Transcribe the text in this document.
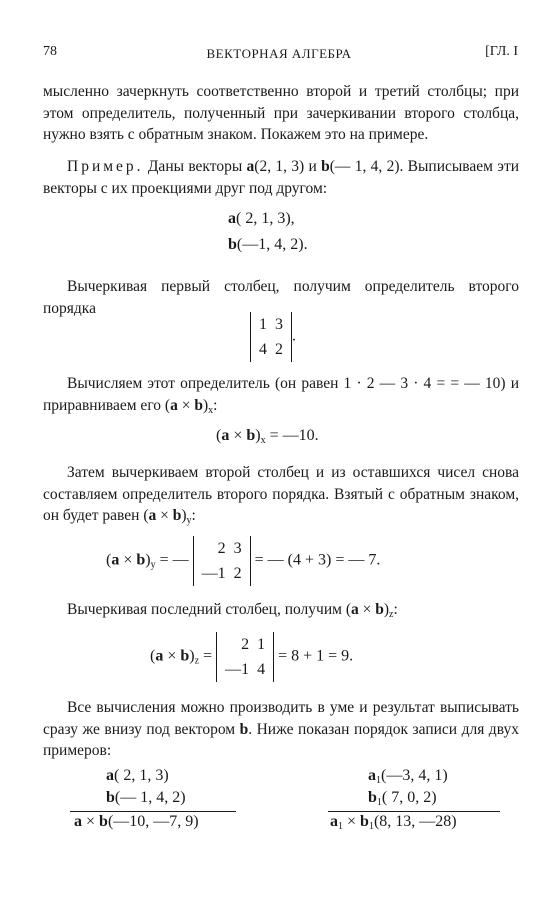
78	ВЕКТОРНАЯ АЛГЕБРА	[ГЛ. I

мысленно зачеркнуть соответственно второй и третий столбцы; при этом определитель, полученный при зачеркивании второго столбца, нужно взять с обратным знаком. Покажем это на примере.

Пример. Даны векторы a(2, 1, 3) и b(— 1, 4, 2). Выписываем эти векторы с их проекциями друг под другом:

a( 2, 1, 3),
b(—1, 4, 2).

Вычеркивая первый столбец, получим определитель второго порядка

1	3
4	2
.

Вычисляем этот определитель (он равен 1 · 2 — 3 · 4 = = — 10) и приравниваем его $(a \times b)_x$:

$(a \times b)_x$ = —10.

Затем вычеркиваем второй столбец и из оставшихся чисел снова составляем определитель второго порядка. Взятый с обратным знаком, он будет равен $(a \times b)_y$:

$(a \times b)_y$ = —
2	3
—1	2
= — (4 + 3) = — 7.

Вычеркивая последний столбец, получим $(a \times b)_z$:

$(a \times b)_z$ =
2	1
—1	4
= 8 + 1 = 9.

Все вычисления можно производить в уме и результат выписывать сразу же внизу под вектором b. Ниже показан порядок записи для двух примеров:

a( 2, 1, 3)
b(— 1, 4, 2)
a × b(—10, —7, 9)
$a_1(—3$, 4, 1)
$b_1$( 7, 0, 2)
$a_1 \times b_1(8$, 13, —28)
